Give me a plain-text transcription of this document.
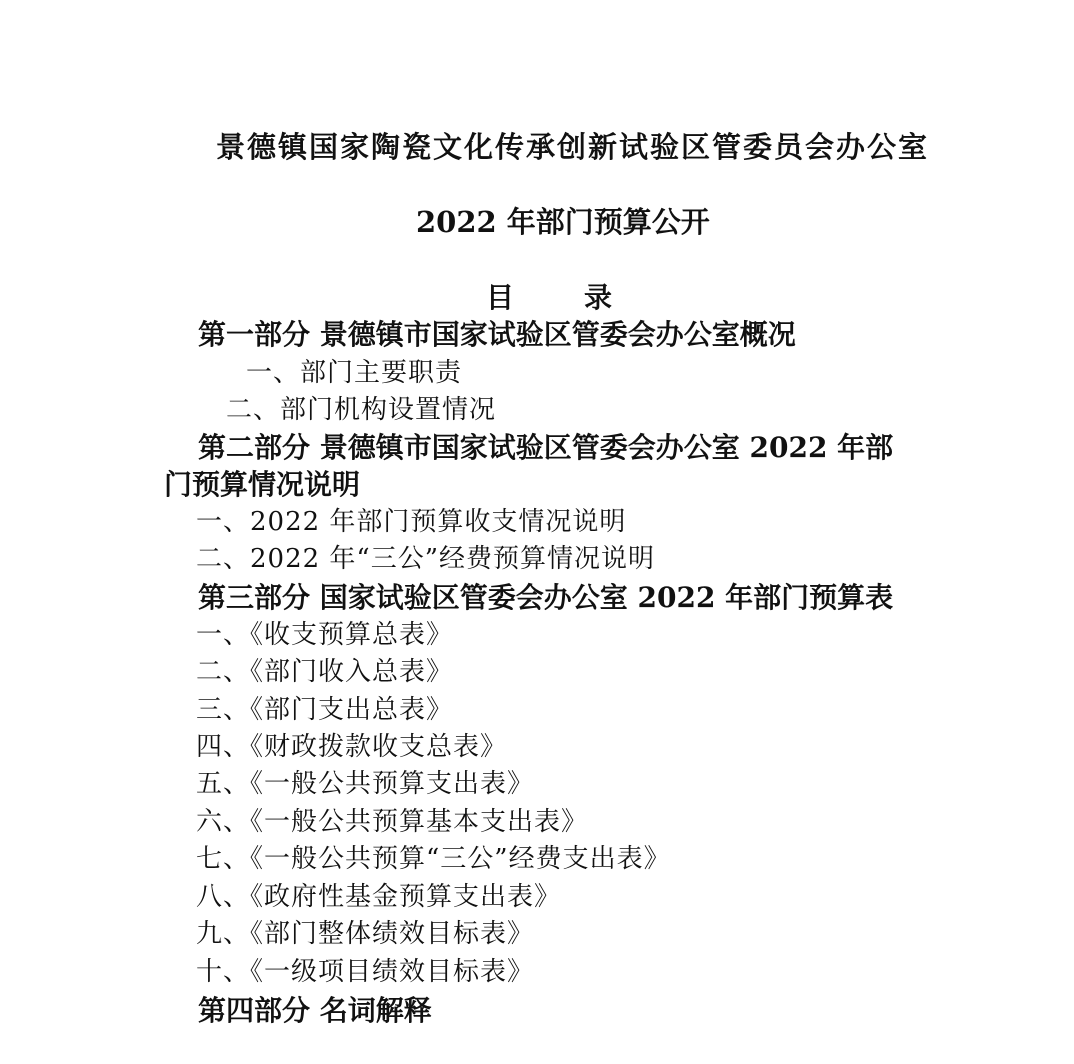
景德镇国家陶瓷文化传承创新试验区管委员会办公室
2022 年部门预算公开
目录
第一部分 景德镇市国家试验区管委会办公室概况
一、部门主要职责
二、部门机构设置情况
第二部分 景德镇市国家试验区管委会办公室 2022 年部
门预算情况说明
一、2022 年部门预算收支情况说明
二、2022 年“三公”经费预算情况说明
第三部分 国家试验区管委会办公室 2022 年部门预算表
一、《收支预算总表》
二、《部门收入总表》
三、《部门支出总表》
四、《财政拨款收支总表》
五、《一般公共预算支出表》
六、《一般公共预算基本支出表》
七、《一般公共预算“三公”经费支出表》
八、《政府性基金预算支出表》
九、《部门整体绩效目标表》
十、《一级项目绩效目标表》
第四部分 名词解释
